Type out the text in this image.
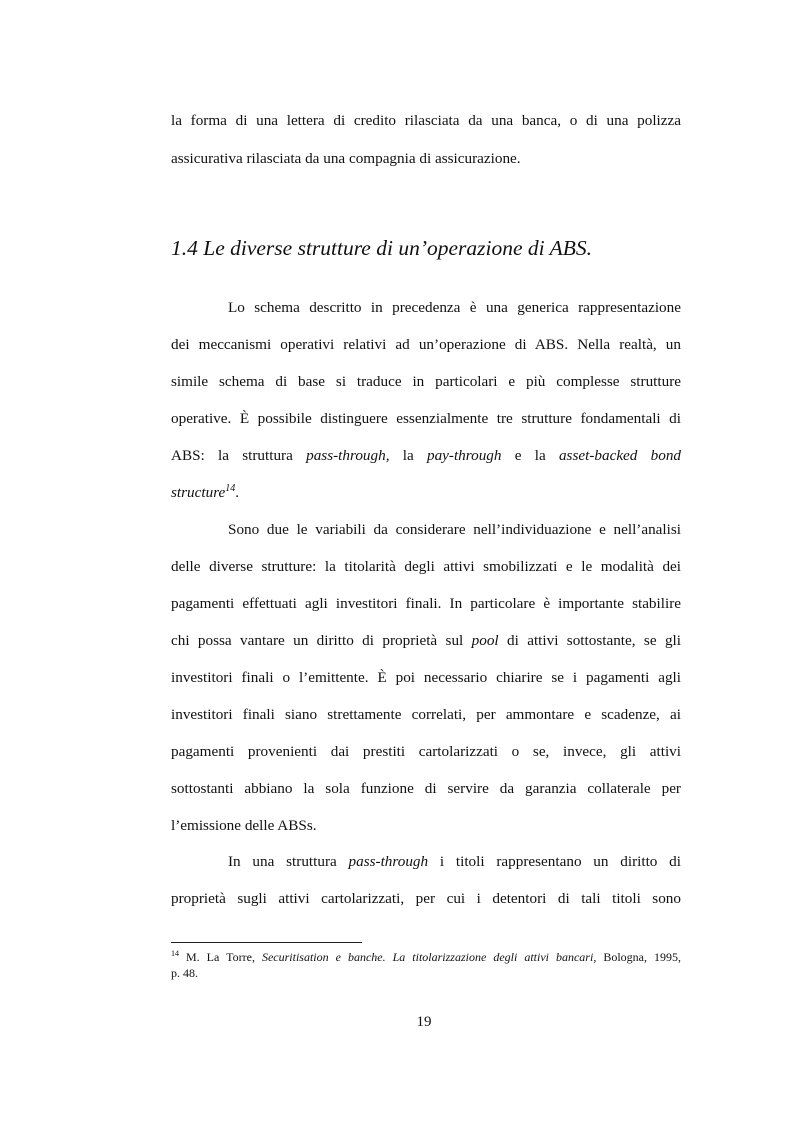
la forma di una lettera di credito rilasciata da una banca, o di una polizza
assicurativa rilasciata da una compagnia di assicurazione.
1.4 Le diverse strutture di un’operazione di ABS.
Lo schema descritto in precedenza è una generica rappresentazione
dei meccanismi operativi relativi ad un’operazione di ABS. Nella realtà, un
simile schema di base si traduce in particolari e più complesse strutture
operative. È possibile distinguere essenzialmente tre strutture fondamentali di
ABS: la struttura pass-through, la pay-through e la asset-backed bond
structure$^{14}$.
Sono due le variabili da considerare nell’individuazione e nell’analisi
delle diverse strutture: la titolarità degli attivi smobilizzati e le modalità dei
pagamenti effettuati agli investitori finali. In particolare è importante stabilire
chi possa vantare un diritto di proprietà sul pool di attivi sottostante, se gli
investitori finali o l’emittente. È poi necessario chiarire se i pagamenti agli
investitori finali siano strettamente correlati, per ammontare e scadenze, ai
pagamenti provenienti dai prestiti cartolarizzati o se, invece, gli attivi
sottostanti abbiano la sola funzione di servire da garanzia collaterale per
l’emissione delle ABSs.
In una struttura pass-through i titoli rappresentano un diritto di
proprietà sugli attivi cartolarizzati, per cui i detentori di tali titoli sono
$^{14}$ M. La Torre, Securitisation e banche. La titolarizzazione degli attivi bancari, Bologna, 1995,
p. 48.
19
